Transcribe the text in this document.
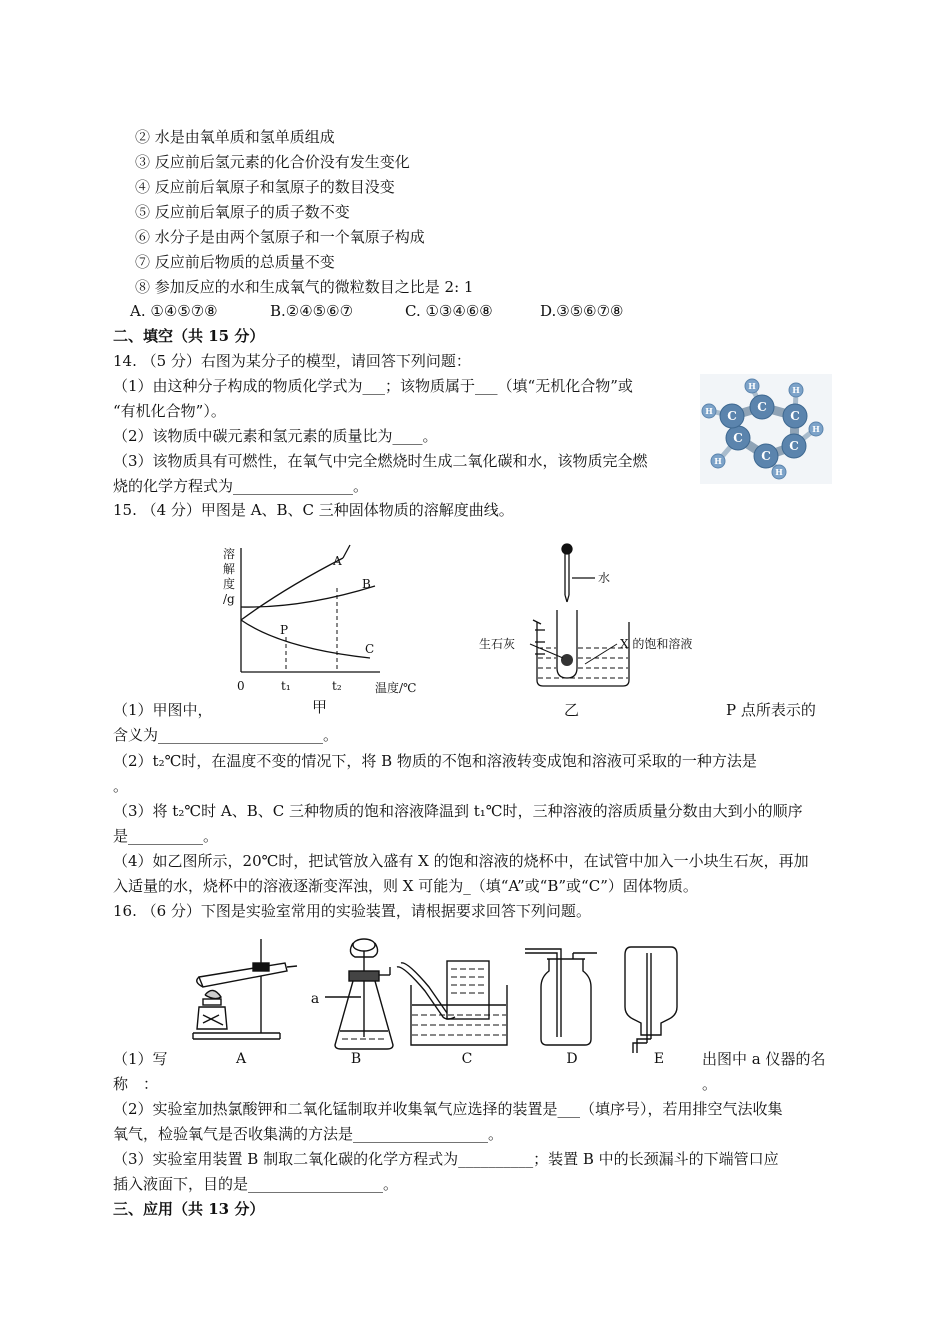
② 水是由氧单质和氢单质组成
③ 反应前后氢元素的化合价没有发生变化
④ 反应前后氧原子和氢原子的数目没变
⑤ 反应前后氧原子的质子数不变
⑥ 水分子是由两个氢原子和一个氧原子构成
⑦ 反应前后物质的总质量不变
⑧ 参加反应的水和生成氧气的微粒数目之比是 2: 1
A. ①④⑤⑦⑧	B.②④⑤⑥⑦	C. ①③④⑥⑧	D.③⑤⑥⑦⑧
二、填空（共 15 分）
14. （5 分）右图为某分子的模型，请回答下列问题：
（1）由这种分子构成的物质化学式为___；该物质属于___（填“无机化合物”或
“有机化合物”）。
（2）该物质中碳元素和氢元素的质量比为____。
（3）该物质具有可燃性，在氧气中完全燃烧时生成二氧化碳和水，该物质完全燃
烧的化学方程式为________________。
C
C
C
C
C
C
H	H
H
H
H
H
15. （4 分）甲图是 A、B、C 三种固体物质的溶解度曲线。
溶
解
度
/g
A
B
C
P
0	t₁	t₂	温度/℃
水
生石灰	X 的饱和溶液
（1）甲图中，	甲	乙	P 点所表示的
含义为______________________。
（2）t₂℃时，在温度不变的情况下，将 B 物质的不饱和溶液转变成饱和溶液可采取的一种方法是
。
（3）将 t₂℃时 A、B、C 三种物质的饱和溶液降温到 t₁℃时，三种溶液的溶质质量分数由大到小的顺序
是__________。
（4）如乙图所示，20℃时，把试管放入盛有 X 的饱和溶液的烧杯中，在试管中加入一小块生石灰，再加
入适量的水，烧杯中的溶液逐渐变浑浊，则 X 可能为_（填“A”或“B”或“C”）固体物质。
16. （6 分）下图是实验室常用的实验装置，请根据要求回答下列问题。
a
A	B	C	D	E
（1）写	出图中 a 仪器的名
称　：	。
（2）实验室加热氯酸钾和二氧化锰制取并收集氧气应选择的装置是___（填序号），若用排空气法收集
氧气，检验氧气是否收集满的方法是__________________。
（3）实验室用装置 B 制取二氧化碳的化学方程式为__________；装置 B 中的长颈漏斗的下端管口应
插入液面下，目的是__________________。
三、应用（共 13 分）
